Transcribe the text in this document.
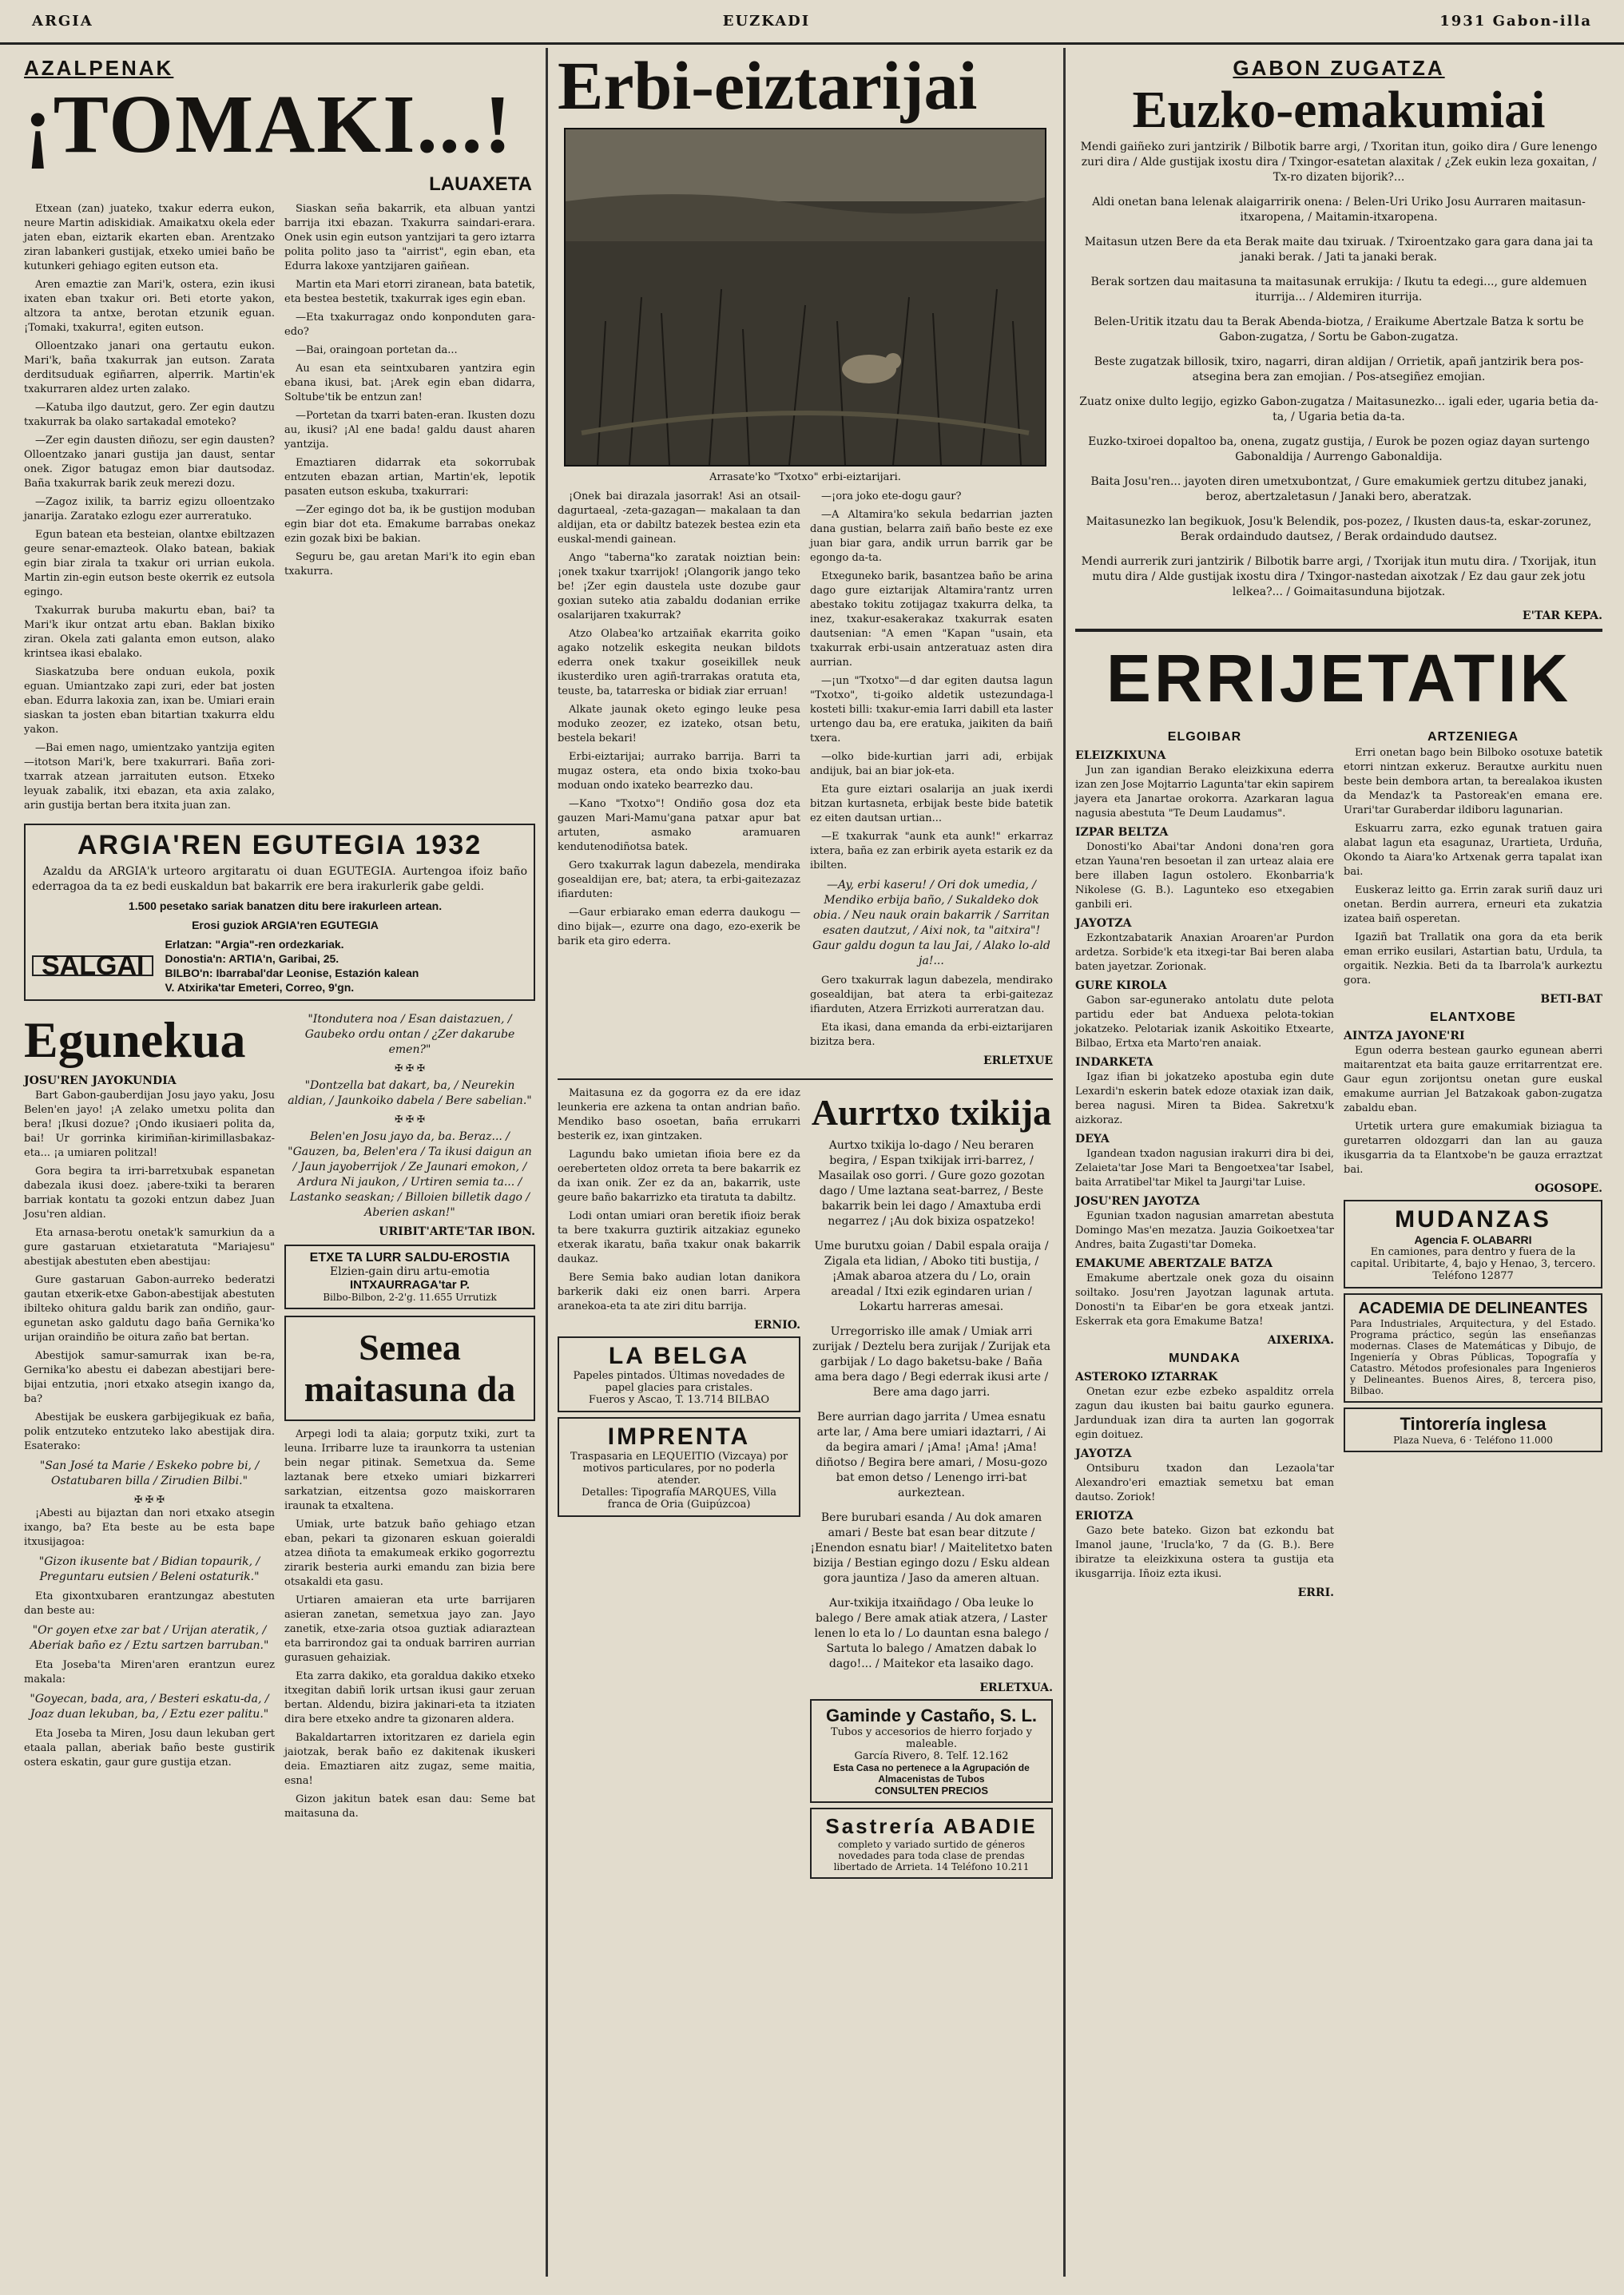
ARGIA	EUZKADI	1931 Gabon-illa
AZALPENAK
¡TOMAKI...!
LAUAXETA

Etxean (zan) juateko, txakur ederra eukon, neure Martin adiskidiak. Amaikatxu okela eder jaten eban, eiztarik ekarten eban. Arentzako ziran labankeri gustijak, etxeko umiei baño be kutunkeri gehiago egiten eutson eta.

Aren emaztie zan Mari'k, ostera, ezin ikusi ixaten eban txakur ori. Beti etorte yakon, altzora ta antxe, berotan etzunik eguan. ¡Tomaki, txakurra!, egiten eutson.

Olloentzako janari ona gertautu eukon. Mari'k, baña txakurrak jan eutson. Zarata derditsuduak egiñarren, alperrik. Martin'ek txakurraren aldez urten zalako.

—Katuba ilgo dautzut, gero. Zer egin dautzu txakurrak ba olako sartakadal emoteko?

—Zer egin dausten diñozu, ser egin dausten? Olloentzako janari gustija jan daust, sentar onek. Zigor batugaz emon biar dautsodaz. Baña txakurrak barik zeuk merezi dozu.

—Zagoz ixilik, ta barriz egizu olloentzako janarija. Zaratako ezlogu ezer aurreratuko.

Egun batean eta besteian, olantxe ebiltzazen geure senar-emazteok. Olako batean, bakiak egin biar zirala ta txakur ori urrian eukola. Martin zin-egin eutson beste okerrik ez eutsola egingo.

Txakurrak buruba makurtu eban, bai? ta Mari'k ikur ontzat artu eban. Baklan bixiko ziran. Okela zati galanta emon eutson, alako krintsea ikasi ebalako.

Siaskatzuba bere onduan eukola, poxik eguan. Umiantzako zapi zuri, eder bat josten eban. Edurra lakoxia zan, ixan be. Umiari erain siaskan ta josten eban bitartian txakurra eldu yakon.

—Bai emen nago, umientzako yantzija egiten—itotson Mari'k, bere txakurrari. Baña zori-txarrak atzean jarraituten eutson. Etxeko leyuak zabalik, itxi ebazan, eta axia zalako, arin gustija bertan bera itxita juan zan.

Siaskan seña bakarrik, eta albuan yantzi barrija itxi ebazan. Txakurra saindari-erara. Onek usin egin eutson yantzijari ta gero iztarra polita polito jaso ta "airrist", egin eban, eta Edurra lakoxe yantzijaren gaiñean.

Martin eta Mari etorri ziranean, bata batetik, eta bestea bestetik, txakurrak iges egin eban.

—Eta txakurragaz ondo konponduten gara-edo?

—Bai, oraingoan portetan da...

Au esan eta seintxubaren yantzira egin ebana ikusi, bat. ¡Arek egin eban didarra, Soltube'tik be entzun zan!

—Portetan da txarri baten-eran. Ikusten dozu au, ikusi? ¡Al ene bada! galdu daust aharen yantzija.

Emaztiaren didarrak eta sokorrubak entzuten ebazan artian, Martin'ek, lepotik pasaten eutson eskuba, txakurrari:

—Zer egingo dot ba, ik be gustijon moduban egin biar dot eta. Emakume barrabas onekaz ezin gozak bixi be bakian.

Seguru be, gau aretan Mari'k ito egin eban txakurra.

ARGIA'REN EGUTEGIA 1932

Azaldu da ARGIA'k urteoro argitaratu oi duan EGUTEGIA. Aurtengoa ifoiz baño ederragoa da ta ez bedi euskaldun bat bakarrik ere bera irakurlerik gabe geldi.

1.500 pesetako sariak banatzen ditu bere irakurleen artean.

Erosi guziok ARGIA'ren EGUTEGIA

SALGAI
Erlatzan: "Argia"-ren ordezkariak.
Donostia'n: ARTIA'n, Garibai, 25.
BILBO'n: Ibarrabal'dar Leonise, Estazión kalean
V. Atxirika'tar Emeteri, Correo, 9'gn.
Egunekua
JOSU'REN JAYOKUNDIA

Bart Gabon-gauberdijan Josu jayo yaku, Josu Belen'en jayo! ¡A zelako umetxu polita dan bera! ¡Ikusi dozue? ¡Ondo ikusiaeri polita da, bai! Ur gorrinka kirimiñan-kirimillasbakaz-eta... ¡a umiaren politzal!

Gora begira ta irri-barretxubak espanetan dabezala ikusi doez. ¡abere-txiki ta beraren barriak kontatu ta gozoki entzun dabez Juan Josu'ren aldian.

Eta arnasa-berotu onetak'k samurkiun da a gure gastaruan etxietaratuta "Mariajesu" abestijak abestuten eben abestijau:

Gure gastaruan Gabon-aurreko bederatzi gautan etxerik-etxe Gabon-abestijak abestuten ibilteko ohitura galdu barik zan ondiño, gaur-egunetan asko galdutu dago baña Gernika'ko urijan oraindiño be oitura zaño bat bertan.

Abestijok samur-samurrak ixan be-ra, Gernika'ko abestu ei dabezan abestijari bere-bijai entzutia, ¡nori etxako atsegin ixango da, ba?

Abestijak be euskera garbijegikuak ez baña, polik entzuteko entzuteko lako abestijak dira. Esaterako:

"San José ta Marie / Eskeko pobre bi, / Ostatubaren billa / Zirudien Bilbi."

✠ ✠ ✠

¡Abesti au bijaztan dan nori etxako atsegin ixango, ba? Eta beste au be esta bape itxusijagoa:

"Gizon ikusente bat / Bidian topaurik, / Preguntaru eutsien / Beleni ostaturik."

Eta gixontxubaren erantzungaz abestuten dan beste au:

"Or goyen etxe zar bat / Urijan ateratik, / Aberiak baño ez / Eztu sartzen barruban."

Eta Joseba'ta Miren'aren erantzun eurez makala:

"Goyecan, bada, ara, / Besteri eskatu-da, / Joaz duan lekuban, ba, / Eztu ezer palitu."

Eta Joseba ta Miren, Josu daun lekuban gert etaala pallan, aberiak baño beste gustirik ostera eskatin, gaur gure gustija etzan.

"Itondutera noa / Esan daistazuen, / Gaubeko ordu ontan / ¿Zer dakarube emen?"

✠ ✠ ✠

"Dontzella bat dakart, ba, / Neurekin aldian, / Jaunkoiko dabela / Bere sabelian."

✠ ✠ ✠

Belen'en Josu jayo da, ba. Beraz... / "Gauzen, ba, Belen'era / Ta ikusi daigun an / Jaun jayoberrijok / Ze Jaunari emokon, / Ardura Ni jaukon, / Urtiren semia ta... / Lastanko seaskan; / Billoien billetik dago / Aberien askan!"

URIBIT'ARTE'TAR IBON.
ETXE TA LURR SALDU-EROSTIA
Elzien-gain diru artu-emotia
INTXAURRAGA'tar P.
Bilbo-Bilbon, 2-2'g. 11.655 Urrutizk
Semea maitasuna da

Arpegi lodi ta alaia; gorputz txiki, zurt ta leuna. Irribarre luze ta iraunkorra ta ustenian bein negar pitinak. Semetxua da. Seme laztanak bere etxeko umiari bizkarreri sarkatzian, eitzentsa gozo maiskorraren iraunak ta etxaltena.

Umiak, urte batzuk baño gehiago etzan eban, pekari ta gizonaren eskuan goieraldi atzea diñota ta emakumeak erkiko gogorreztu zirarik besteria aurki emandu zan bizia bere otsakaldi eta gasu.

Urtiaren amaieran eta urte barrijaren asieran zanetan, semetxua jayo zan. Jayo zanetik, etxe-zaria otsoa guztiak adiaraztean eta barrirondoz gai ta onduak barriren aurrian gurasuen gehaiziak.

Eta zarra dakiko, eta goraldua dakiko etxeko itxegitan dabiñ lorik urtsan ikusi gaur zeruan bertan. Aldendu, bizira jakinari-eta ta itziaten dira bere etxeko andre ta gizonaren aldera.

Bakaldartarren ixtoritzaren ez dariela egin jaiotzak, berak baño ez dakitenak ikuskeri deia. Emaztiaren aitz zugaz, seme maitia, esna!

Gizon jakitun batek esan dau: Seme bat maitasuna da.

Erbi-eiztarijai
Arrasate'ko "Txotxo" erbi-eiztarijari.

¡Onek bai dirazala jasorrak! Asi an otsail-dagurtaeal, -zeta-gazagan— makalaan ta dan aldijan, eta or dabiltz batezek bestea ezin eta euskal-mendi gainean.

Ango "taberna"ko zaratak noiztian bein: ¡onek txakur txarrijok! ¡Olangorik jango teko be! ¡Zer egin daustela uste dozube gaur goxian suteko atia zabaldu dodanian errike osalarijaren txakurrak?

Atzo Olabea'ko artzaiñak ekarrita goiko agako notzelik eskegita neukan bildots ederra onek txakur goseikillek neuk ikusterdiko uren agiñ-trarrakas oratuta eta, teuste, ba, tatarreska or bidiak ziar erruan!

Alkate jaunak oketo egingo leuke pesa moduko zeozer, ez izateko, otsan betu, bestela bekari!

Erbi-eiztarijai; aurrako barrija. Barri ta mugaz ostera, eta ondo bixia txoko-bau moduan ondo ixateko bearrezko dau.

—Kano "Txotxo"! Ondiño gosa doz eta gauzen Mari-Mamu'gana patxar apur bat artuten, asmako aramuaren kendutenodiñotsa batek.

Gero txakurrak lagun dabezela, mendiraka gosealdijan ere, bat; atera, ta erbi-gaitezazaz ifiarduten:

—Gaur erbiarako eman ederra daukogu —dino bijak—, ezurre ona dago, ezo-exerik be barik eta giro ederra.

—¡ora joko ete-dogu gaur?

—A Altamira'ko sekula bedarrian jazten dana gustian, belarra zaiñ baño beste ez exe juan biar gara, andik urrun barrik gar be egongo da-ta.

Etxeguneko barik, basantzea baño be arina dago gure eiztarijak Altamira'rantz urren abestako tokitu zotijagaz txakurra delka, ta inez, txakur-esakerakaz txakurrak esaten dautsenian: "A emen "Kapan "usain, eta txakurrak erbi-usain antzeratuaz asten dira aurrian.

—¡un "Txotxo"—d dar egiten dautsa lagun "Txotxo", ti-goiko aldetik ustezundaga-l kosteti billi: txakur-emia Iarri dabill eta laster urtengo dau ba, ere eratuka, jaikiten da baiñ txera.

—olko bide-kurtian jarri adi, erbijak andijuk, bai an biar jok-eta.

Eta gure eiztari osalarija an juak ixerdi bitzan kurtasneta, erbijak beste bide batetik ez eiten dautsan urtian...

—E txakurrak "aunk eta aunk!" erkarraz ixtera, baña ez zan erbirik ayeta estarik ez da ibilten.

—Ay, erbi kaseru! / Ori dok umedia, / Mendiko erbija baño, / Sukaldeko dok obia. / Neu nauk orain bakarrik / Sarritan esaten dautzut, / Aixi nok, ta "aitxira"! Gaur galdu dogun ta lau Jai, / Alako lo-ald ja!...

Gero txakurrak lagun dabezela, mendirako gosealdijan, bat atera ta erbi-gaitezaz ifiarduten, Atzera Errizkoti aurreratzan dau.

Eta ikasi, dana emanda da erbi-eiztarijaren bizitza bera.

ERLETXUE

Maitasuna ez da gogorra ez da ere idaz leunkeria ere azkena ta ontan andrian baño. Mendiko baso osoetan, baña errukarri besterik ez, ixan gintzaken.

Lagundu bako umietan ifioia bere ez da oereberteten oldoz orreta ta bere bakarrik ez da ixan onik. Zer ez da an, bakarrik, uste geure baño bakarrizko eta tiratuta ta dabiltz.

Lodi ontan umiari oran beretik ifioiz berak ta bere txakurra guztirik aitzakiaz eguneko etxerak ikaratu, baña txakur onak bakarrik daukaz.

Bere Semia bako audian lotan danikora barkerik daki eiz onen barri. Arpera aranekoa-eta ta ate ziri ditu barrija.

ERNIO.
LA BELGA
Papeles pintados. Últimas novedades de papel glacies para cristales.
Fueros y Ascao, T. 13.714 BILBAO
IMPRENTA
Traspasaria en LEQUEITIO (Vizcaya) por motivos particulares, por no poderla atender.
Detalles: Tipografía MARQUES, Villa franca de Oria (Guipúzcoa)
Aurrtxo txikija

Aurtxo txikija lo-dago / Neu beraren begira, / Espan txikijak irri-barrez, / Masailak oso gorri. / Gure gozo gozotan dago / Ume laztana seat-barrez, / Beste bakarrik bein lei dago / Amaxtuba erdi negarrez / ¡Au dok bixiza ospatzeko!

Ume burutxu goian / Dabil espala oraija / Zigala eta lidian, / Aboko titi bustija, / ¡Amak abaroa atzera du / Lo, orain areadal / Itxi ezik egindaren urian / Lokartu harreras amesai.

Urregorrisko ille amak / Umiak arri zurijak / Deztelu bera zurijak / Zurijak eta garbijak / Lo dago baketsu-bake / Baña ama bera dago / Begi ederrak ikusi arte / Bere ama dago jarri.

Bere aurrian dago jarrita / Umea esnatu arte lar, / Ama bere umiari idaztarri, / Ai da begira amari / ¡Ama! ¡Ama! ¡Ama! diñotso / Begira bere amari, / Mosu-gozo bat emon detso / Lenengo irri-bat aurkeztean.

Bere burubari esanda / Au dok amaren amari / Beste bat esan bear ditzute / ¡Enendon esnatu biar! / Maitelitetxo baten bizija / Bestian egingo dozu / Esku aldean gora jauntiza / Jaso da ameren altuan.

Aur-txikija itxaiñdago / Oba leuke lo balego / Bere amak atiak atzera, / Laster lenen lo eta lo / Lo dauntan esna balego / Sartuta lo balego / Amatzen dabak lo dago!... / Maitekor eta lasaiko dago.

ERLETXUA.
Gaminde y Castaño, S. L.
Tubos y accesorios de hierro forjado y maleable.
García Rivero, 8. Telf. 12.162
Esta Casa no pertenece a la Agrupación de Almacenistas de Tubos
CONSULTEN PRECIOS
Sastrería ABADIE
completo y variado surtido de géneros novedades para toda clase de prendas libertado de Arrieta. 14 Teléfono 10.211
GABON ZUGATZA
Euzko-emakumiai

Mendi gaiñeko zuri jantzirik / Bilbotik barre argi, / Txoritan itun, goiko dira / Gure lenengo zuri dira / Alde gustijak ixostu dira / Txingor-esatetan alaxitak / ¿Zek eukin leza goxaitan, / Tx-ro dizaten bijorik?...

Aldi onetan bana lelenak alaigarririk onena: / Belen-Uri Uriko Josu Aurraren maitasun-itxaropena, / Maitamin-itxaropena.

Maitasun utzen Bere da eta Berak maite dau txiruak. / Txiroentzako gara gara dana jai ta janaki berak. / Jati ta janaki berak.

Berak sortzen dau maitasuna ta maitasunak errukija: / Ikutu ta edegi..., gure aldemuen iturrija... / Aldemiren iturrija.

Belen-Uritik itzatu dau ta Berak Abenda-biotza, / Eraikume Abertzale Batza k sortu be Gabon-zugatza, / Sortu be Gabon-zugatza.

Beste zugatzak billosik, txiro, nagarri, diran aldijan / Orrietik, apañ jantzirik bera pos-atsegina bera zan emojian. / Pos-atsegiñez emojian.

Zuatz onixe dulto legijo, egizko Gabon-zugatza / Maitasunezko... igali eder, ugaria betia da-ta, / Ugaria betia da-ta.

Euzko-txiroei dopaltoo ba, onena, zugatz gustija, / Eurok be pozen ogiaz dayan surtengo Gabonaldija / Aurrengo Gabonaldija.

Baita Josu'ren... jayoten diren umetxubontzat, / Gure emakumiek gertzu ditubez janaki, beroz, abertzaletasun / Janaki bero, aberatzak.

Maitasunezko lan begikuok, Josu'k Belendik, pos-pozez, / Ikusten daus-ta, eskar-zorunez, Berak ordaindudo dautsez, / Berak ordaindudo dautsez.

Mendi aurrerik zuri jantzirik / Bilbotik barre argi, / Txorijak itun mutu dira. / Txorijak, itun mutu dira / Alde gustijak ixostu dira / Txingor-nastedan aixotzak / Ez dau gaur zek jotu lelkea?... / Goimaitasunduna bijotzak.

E'TAR KEPA.
ERRIJETATIK
ELGOIBAR
ELEIZKIXUNA

Jun zan igandian Berako eleizkixuna ederra izan zen Jose Mojtarrio Lagunta'tar ekin sapirem jayera eta Janartae orokorra. Azarkaran lagua nagusia abestuta "Te Deum Laudamus".

IZPAR BELTZA

Donosti'ko Abai'tar Andoni dona'ren gora etzan Yauna'ren besoetan il zan urteaz alaia ere bere illaben Iagun ostolero. Ekonbarria'k Nikolese (G. B.). Lagunteko eso etxegabien ganbili eri.

JAYOTZA

Ezkontzabatarik Anaxian Aroaren'ar Purdon ardetza. Sorbide'k eta itxegi-tar Bai beren alaba baten jayetzar. Zorionak.

GURE KIROLA

Gabon sar-egunerako antolatu dute pelota partidu eder bat Anduexa pelota-tokian jokatzeko. Pelotariak izanik Askoitiko Etxearte, Bilbao, Ertxa eta Marto'ren anaiak.

INDARKETA

Igaz ifian bi jokatzeko apostuba egin dute Lexardi'n eskerin batek edoze otaxiak izan daik, berea nagusi. Miren ta Bidea. Sakretxu'k aizkoraz.

DEYA

Igandean txadon nagusian irakurri dira bi dei, Zelaieta'tar Jose Mari ta Bengoetxea'tar Isabel, baita Arratibel'tar Mikel ta Jaurgi'tar Luise.

JOSU'REN JAYOTZA

Egunian txadon nagusian amarretan abestuta Domingo Mas'en mezatza. Jauzia Goikoetxea'tar Andres, baita Zugasti'tar Domeka.

EMAKUME ABERTZALE BATZA

Emakume abertzale onek goza du oisainn soiltako. Josu'ren Jayotzan lagunak artuta. Donosti'n ta Eibar'en be gora etxeak jantzi. Eskerrak eta gora Emakume Batza!

AIXERIXA.
MUNDAKA
ASTEROKO IZTARRAK

Onetan ezur ezbe ezbeko aspalditz orrela zagun dau ikusten bai baitu gaurko egunera. Jardunduak izan dira ta aurten lan gogorrak egin doituez.

JAYOTZA

Ontsiburu txadon dan Lezaola'tar Alexandro'eri emaztiak semetxu bat eman dautso. Zoriok!

ERIOTZA

Gazo bete bateko. Gizon bat ezkondu bat Imanol jaune, 'Irucla'ko, 7 da (G. B.). Bere ibiratze ta eleizkixuna ostera ta gustija eta ikusgarrija. Iñoiz ezta ikusi.

ERRI.
ARTZENIEGA

Erri onetan bago bein Bilboko osotuxe batetik etorri nintzan exkeruz. Berautxe aurkitu nuen beste bein dembora artan, ta berealakoa ikusten da Mendaz'k ta Pastoreak'en emana ere. Urari'tar Guraberdar ildiboru lagunarian.

Eskuarru zarra, ezko egunak tratuen gaira alabat lagun eta esagunaz, Urartieta, Urduña, Okondo ta Aiara'ko Artxenak gerra tapalat ixan bai.

Euskeraz leitto ga. Errin zarak suriñ dauz uri onetan. Berdin aurrera, erneuri eta zukatzia izatea baiñ osperetan.

Igaziñ bat Trallatik ona gora da eta berik eman erriko eusilari, Astartian batu, Urdula, ta orgaitik. Nezkia. Beti da ta Ibarrola'k aurkeztu gora.

BETI-BAT
ELANTXOBE
AINTZA JAYONE'RI

Egun oderra bestean gaurko egunean aberri maitarentzat eta baita gauze erritarrentzat ere. Gaur egun zorijontsu onetan gure euskal emakume aurrian Jel Batzakoak gabon-zugatza zabaldu eban.

Urtetik urtera gure emakumiak biziagua ta guretarren oldozgarri dan lan au gauza ikusgarria da ta Elantxobe'n be gauza erraztzat bai.

OGOSOPE.
MUDANZAS
Agencia F. OLABARRI
En camiones, para dentro y fuera de la capital. Uribitarte, 4, bajo y Henao, 3, tercero. Teléfono 12877
ACADEMIA DE DELINEANTES
Para Industriales, Arquitectura, y del Estado. Programa práctico, según las enseñanzas modernas. Clases de Matemáticas y Dibujo, de Ingeniería y Obras Públicas, Topografía y Catastro. Métodos profesionales para Ingenieros y Delineantes. Buenos Aires, 8, tercera piso, Bilbao.
Tintorería inglesa
Plaza Nueva, 6 · Teléfono 11.000
